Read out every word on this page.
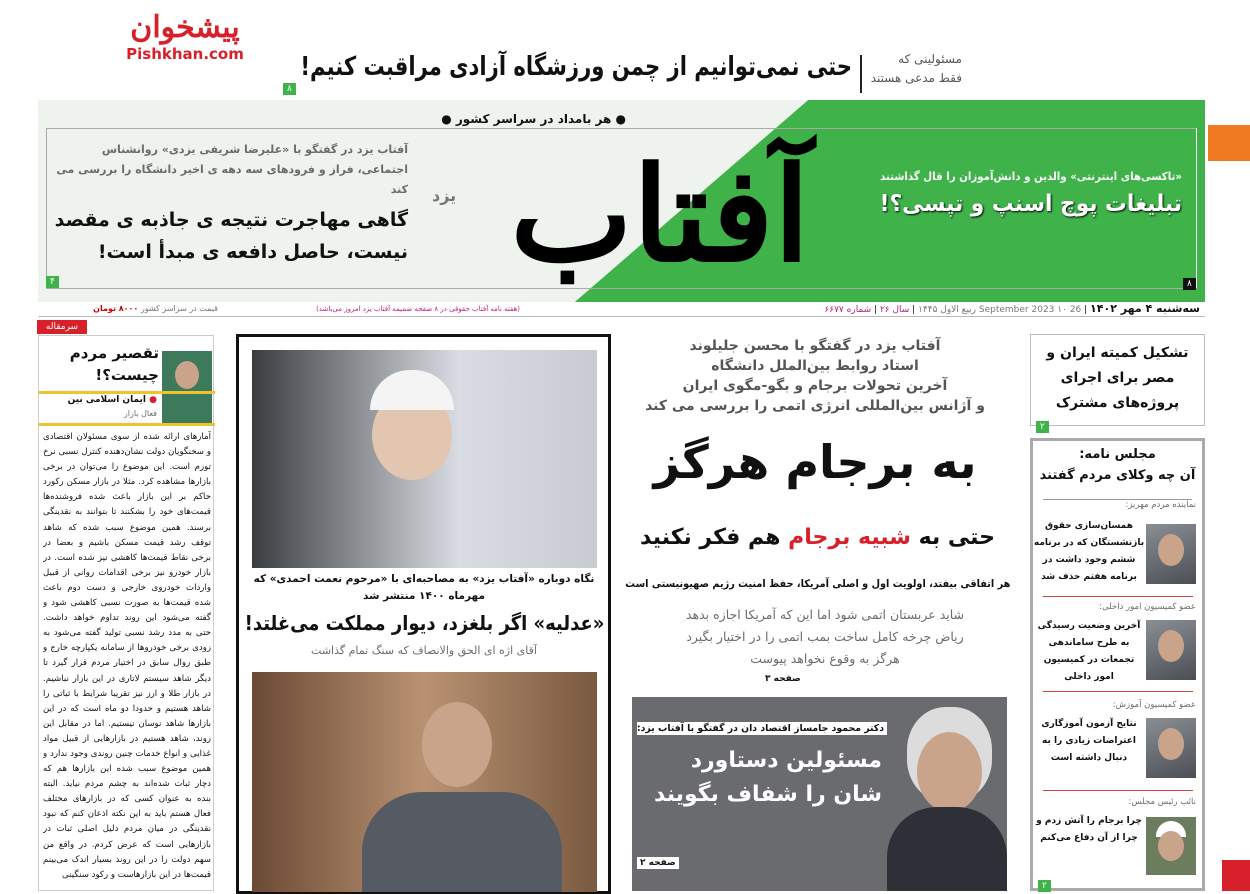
پیشخوان
Pishkhan.com	مسئولینی که
فقط مدعی هستند
حتی نمی‌توانیم از چمن ورزشگاه آزادی مراقبت کنیم!
۸
● هر بامداد در سراسر کشور ●
آفتاب
یزد
آفتاب یزد در گفتگو با «علیرضا شریفی یزدی» روانشناس اجتماعی، فراز و فرودهای سه دهه ی اخیر دانشگاه را بررسی می کند
گاهی مهاجرت نتیجه ی جاذبه ی مقصد نیست، حاصل دافعه ی مبدأ است!
۴
«تاکسی‌های اینترنتی» والدین و دانش‌آموزان را قال گذاشتند
تبلیغات پوچ اسنپ و تپسی؟!
۸
سه‌شنبه ۴ مهر ۱۴۰۲ | 26 September 2023 ۱۰ ربیع الاول ۱۴۴۵ | سال ۲۶ | شماره ۶۶۷۷
(هفته نامه آفتاب حقوقی در ۸ صفحه ضمیمه آفتاب یزد امروز می‌باشد)
قیمت در سراسر کشور ۸۰۰۰ تومان
سرمقاله
تقصیر مردم چیست؟!
● ایمان اسلامی بین
فعال بازار
آمارهای ارائه شده از سوی مسئولان اقتصادی و سخنگویان دولت نشان‌دهنده کنترل نسبی نرخ تورم است. این موضوع را می‌توان در برخی بازارها مشاهده کرد. مثلا در بازار مسکن رکورد حاکم بر این بازار باعث شده فروشنده‌ها قیمت‌های خود را بشکنند تا بتوانند به نقدینگی برسند. همین موضوع سبب شده که شاهد توقف رشد قیمت مسکن باشیم و بعضا در برخی نقاط قیمت‌ها کاهشی نیز شده است. در بازار خودرو نیز برخی اقدامات روانی از قبیل واردات خودروی خارجی و دست دوم باعث شده قیمت‌ها به صورت نسبی کاهشی شود و گفته می‌شود این روند تداوم خواهد داشت. حتی به مدد رشد نسبی تولید گفته می‌شود به زودی برخی خودروها از سامانه یکپارچه خارج و طبق روال سابق در اختیار مردم قرار گیرد تا دیگر شاهد سیستم لاتاری در این بازار نباشیم. در بازار طلا و ارز نیز تقریبا شرایط با ثباتی را شاهد هستیم و حدودا دو ماه است که در این بازارها شاهد نوسان نیستیم. اما در مقابل این روند، شاهد هستیم در بازارهایی از قبیل مواد غذایی و انواع خدمات چنین روندی وجود ندارد و همین موضوع سبب شده این بازارها هم که دچار ثبات شده‌اند به چشم مردم نیاید. البته بنده به عنوان کسی که در بازارهای مختلف فعال هستم باید به این نکته اذعان کنم که نبود نقدینگی در میان مردم دلیل اصلی ثبات در بازارهایی است که عرض کردم. در واقع من سهم دولت را در این روند بسیار اندک می‌بینم قیمت‌ها در این بازارهاست و رکود سنگینی
نگاه دوباره «آفتاب یزد» به مصاحبه‌ای با «مرحوم نعمت احمدی» که مهرماه ۱۴۰۰ منتشر شد
«عدلیه» اگر بلغزد، دیوار مملکت می‌غلتد!
آقای اژه ای الحق والانصاف که سنگ تمام گذاشت
آفتاب یزد در گفتگو با محسن جلیلوند
استاد روابط بین‌الملل دانشگاه
آخرین تحولات برجام و بگو-مگوی ایران
و آژانس بین‌المللی انرژی اتمی را بررسی می کند
به برجام هرگز
حتی به شبیه برجام هم فکر نکنید
هر اتفاقی بیفتد، اولویت اول و اصلی آمریکا، حفظ امنیت رژیم صهیونیستی است
شاید عربستان اتمی شود اما این که آمریکا اجازه بدهد
ریاض چرخه کامل ساخت بمب اتمی را در اختیار بگیرد
هرگز به وقوع نخواهد پیوست
صفحه ۳
دکتر محمود جامساز اقتصاد دان در گفتگو با آفتاب یزد:
مسئولین دستاورد شان را شفاف بگویند
صفحه ۲
تشکیل کمیته ایران و مصر برای اجرای پروژه‌های مشترک
۲
مجلس نامه:
آن چه وکلای مردم گفتند
نماینده مردم مهریز:
همسان‌سازی حقوق بازنشستگان که در برنامه ششم وجود داشت در برنامه هفتم حذف شد
عضو کمیسیون امور داخلی:
آخرین وضعیت رسیدگی به طرح ساماندهی تجمعات در کمیسیون امور داخلی
عضو کمیسیون آموزش:
نتایج آزمون آموزگاری اعتراضات زیادی را به دنبال داشته است
نائب رئیس مجلس:
چرا برجام را آتش زدم و چرا از آن دفاع می‌کنم
۲
